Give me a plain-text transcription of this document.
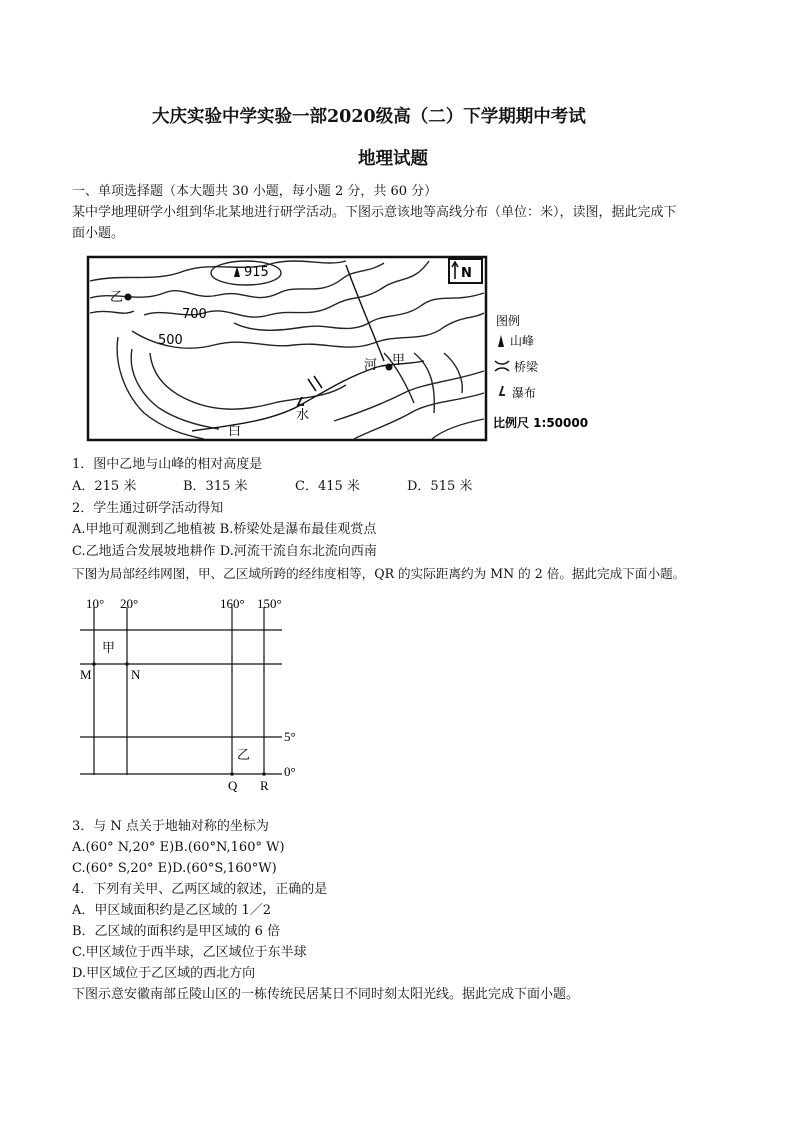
大庆实验中学实验一部2020级高（二）下学期期中考试
地理试题
一、单项选择题（本大题共 30 小题，每小题 2 分，共 60 分）
某中学地理研学小组到华北某地进行研学活动。下图示意该地等高线分布（单位：米），读图，据此完成下
面小题。
N
915
乙
700
500
甲
河
水
白
图例
山峰
桥梁
瀑布
比例尺 1:50000
1．图中乙地与山峰的相对高度是
A．215 米	B．315 米	C．415 米	D．515 米
2．学生通过研学活动得知
A.甲地可观测到乙地植被 B.桥梁处是瀑布最佳观赏点
C.乙地适合发展坡地耕作 D.河流干流自东北流向西南
下图为局部经纬网图，甲、乙区域所跨的经纬度相等，QR 的实际距离约为 MN 的 2 倍。据此完成下面小题。
10° 20°	160° 150°
5°
0°
甲
乙
M	N
Q R
3．与 N 点关于地轴对称的坐标为
A.(60° N,20° E)B.(60°N,160° W)
C.(60° S,20° E)D.(60°S,160°W)
4．下列有关甲、乙两区域的叙述，正确的是
A．甲区域面积约是乙区域的 1／2
B．乙区域的面积约是甲区域的 6 倍
C.甲区域位于西半球，乙区域位于东半球
D.甲区域位于乙区域的西北方向
下图示意安徽南部丘陵山区的一栋传统民居某日不同时刻太阳光线。据此完成下面小题。
